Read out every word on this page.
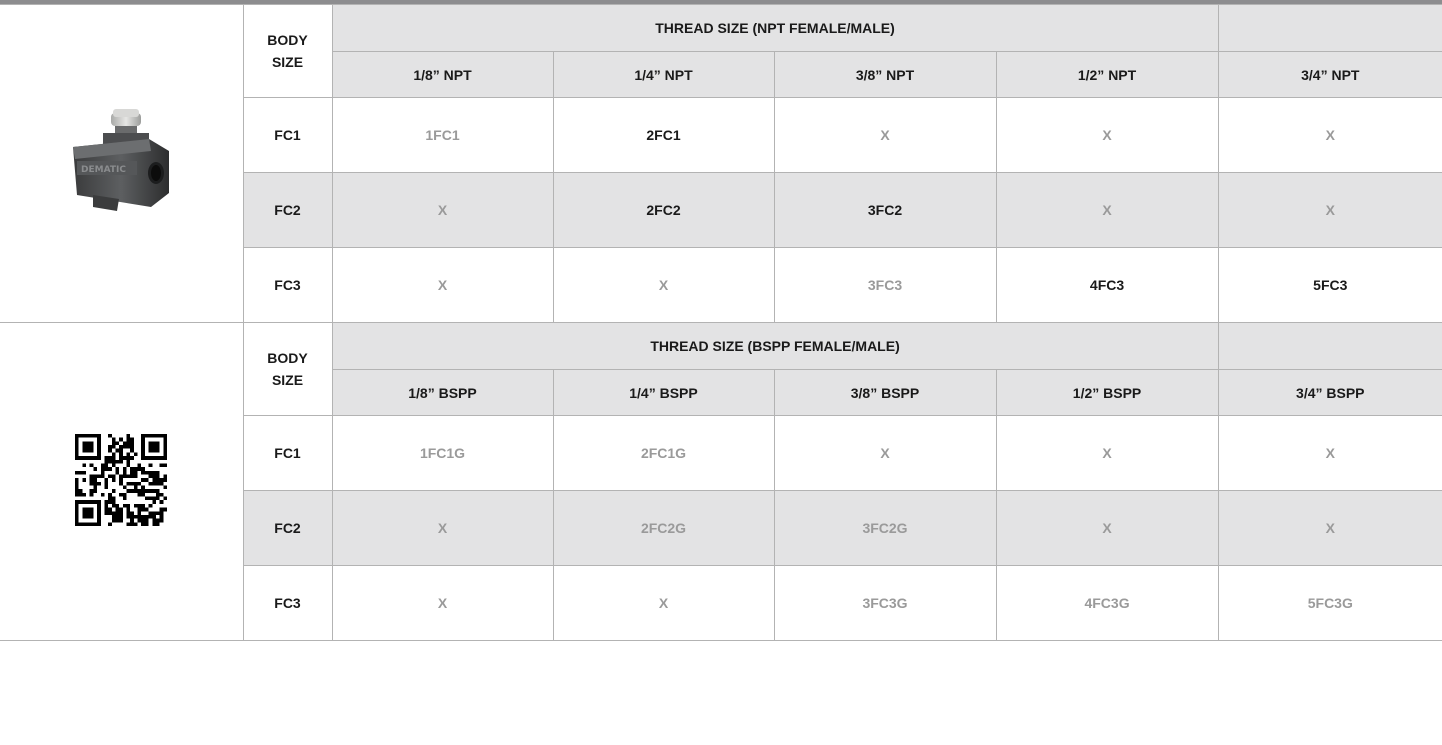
DEMATIC	BODY
SIZE	THREAD SIZE (NPT FEMALE/MALE)				
		1/8” NPT	1/4” NPT	3/8” NPT	1/2” NPT	3/4” NPT
	FC1	1FC1	2FC1	X	X	X
	FC2	X	2FC2	3FC2	X	X
	FC3	X	X	3FC3	4FC3	5FC3

BODY
SIZE	THREAD SIZE (BSPP FEMALE/MALE)				
		1/8” BSPP	1/4” BSPP	3/8” BSPP	1/2” BSPP	3/4” BSPP
	FC1	1FC1G	2FC1G	X	X	X
	FC2	X	2FC2G	3FC2G	X	X
	FC3	X	X	3FC3G	4FC3G	5FC3G
